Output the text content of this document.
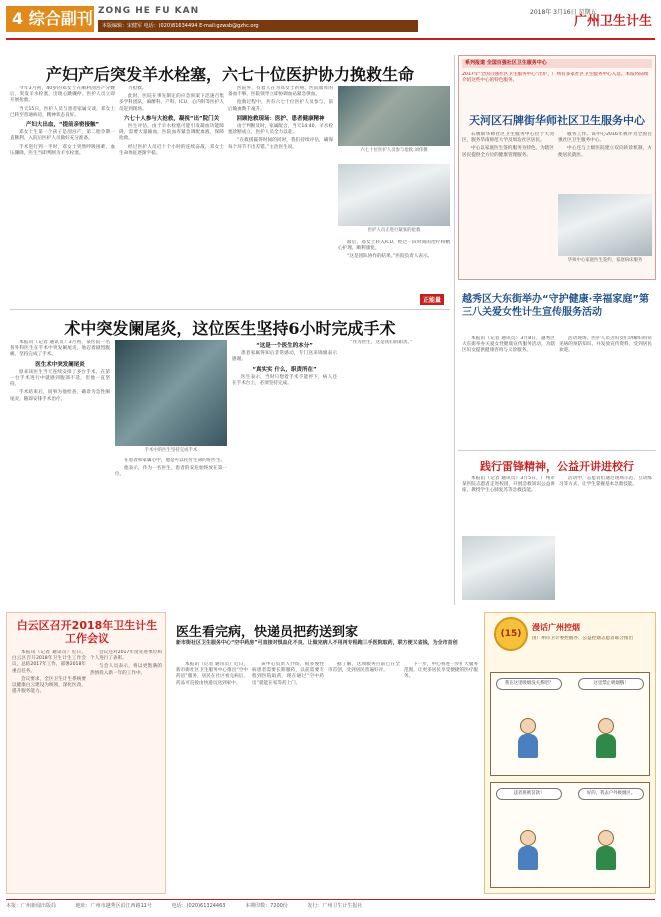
4 综合副刊 ZONG HE FU KAN
本版编辑：宋健军 电话：(020)81634494 E-mail:gzwsb@gzhc.org
2018年 3月16日 星期五
广州卫生计生
产妇产后突发羊水栓塞，六七十位医护协力挽救生命

今年3月初，40岁的邓女士在顺利剖宫产分娩后，突发羊水栓塞，出现心跳骤停。医护人员立即开展抢救。

当天15日，医护人员与患者家属交谈，邓女士已转至普通病房，精神状态良好。

产妇大出血，“提前亲密接触”

邓女士生第一个孩子是剖宫产，第二胎孕期一直顺利，入院后医护人员做好充分准备。

手术进行到一半时，邓女士突然呼吸困难，血压骤降，医生当即判断为羊水栓塞。

力抢救。

此时，医院在事先制定的应急预案下迅速召集多学科团队，麻醉科、产科、ICU、心内科等医护人员赶到现场。

六七十人参与大抢救，凝视“出”院门关

医生评估，由于羊水栓塞可能引发凝血功能障碍，需要大量输血。医院血库紧急调配血液，保障抢救。

经过医护人员近十个小时的连续奋战，邓女士生命体征逐渐平稳。

医院外，有着人在为邓女士祈祷。医院血库的备血不够，医院领导立即协调血站紧急供血。

抢救过程中，共有六七十位医护人员参与，前后输血数千毫升。

回顾抢救现场：医护、患者健康精神

由于判断及时，家属配合，当天14:40，羊水栓塞诊断成立，医护人员全力以赴。

“在救援赢得时间的同时，我们持续评估，确保每个环节不出差错。”主治医生说。

六七十位医护人员参与抢救 刘伟摄
医护人员正进行紧张的抢救

最后，邓女士转入ICU，经过一段时间的治疗和精心护理，顺利康复。

“这是团队协作的结果。”医院负责人表示。

术中突发阑尾炎，这位医生坚持6小时完成手术

本报讯（记者 通讯员）3月初，某医院一名普外科医生在手术中突发阑尾炎，他忍着剧烈腹痛，坚持完成了手术。

医生术中突发阑尾炎

原来该医生当天连续安排了多台手术，在第一台手术进行中就感到腹部不适，但他一直坚持。

手术结束后，同事为他检查，确诊为急性阑尾炎，随即安排手术治疗。

手术中的医生坚持完成手术

在患者和家属心中，他是可以托付生命的好医生。

他表示，作为一名医生，患者的安危始终放在第一位。

“这是一个医生的本分”

患者家属得知后非常感动，专门送来锦旗表示感谢。

“真实实 什么，职责所在”

医生表示，当时只想着手术不能停下，病人还在手术台上，必须坚持完成。

“作为医生，这是我们的职责。”

正能量
系列报道 全国百强社区卫生服务中心
2017年“全国百强社区卫生服务中心”出炉，广州有多家社区卫生服务中心入选。本报将陆续介绍这些中心的特色服务。
天河区石牌街华师社区卫生服务中心

石牌街华师社区卫生服务中心位于天河区，服务华南师范大学及周边社区居民。

中心以家庭医生签约服务为特色，为辖区居民提供全方位的健康管理服务。

服务工作。该中心2016年被评为全国百强社区卫生服务中心。

中心还与上级医院建立双向转诊机制，方便居民就医。

华师中心家庭医生签约，家庭病床服务
越秀区大东街举办“守护健康·幸福家庭”第三八关爱女性计生宣传服务活动

本报讯（记者 通讯员）3月8日，越秀区大东街举办关爱女性健康宣传服务活动，为辖区妇女提供健康咨询与义诊服务。

活动现场，医护人员为妇女们讲解妇科常见病的预防知识，并发放宣传资料，受到居民欢迎。

践行雷锋精神，公益开讲进校行

本报讯（记者 通讯员）3月5日，广州市某医院志愿者走进校园，开展急救知识公益讲座，教授学生心肺复苏等急救技能。

活动中，志愿者们通过现场示范、互动练习等方式，让学生掌握基本急救技能。

白云区召开2018年卫生计生工作会议

本报讯（记者 通讯员）近日，白云区召开2018年卫生计生工作会议，总结2017年工作，部署2018年重点任务。

会议要求，全区卫生计生系统要以健康白云建设为统领，深化医改，提升服务能力。

会议还对2017年度先进单位和个人进行了表彰。

与会人员表示，将以更饱满的热情投入新一年的工作中。

医生看完病，快递员把药送到家
新市街社区卫生服务中心“空中药房”可直接对惧血化不良、让做完病人不用再专程跑三手医院取药，联方便又省钱，为全市首创

本报讯（记者 通讯员）近日，新市街社区卫生服务中心推出“空中药房”服务，居民在社区看完病后，药品可直接由快递员送到家中。

该中心负责人介绍，很多慢性病患者需要长期服药，以前需要专程到医院取药，现在通过“空中药房”就能在家等药上门。

据了解，这项服务目前已在全市首创，受到居民普遍好评。

下一步，中心将进一步扩大服务范围，让更多居民享受便捷的医疗服务。

(15)
漫话广州控烟
由广州市卫计委控烟办、公益控烟志愿者联合推出
我在这里吸烟没关系吧？	这里禁止吸烟哦！
违者将被罚款！	好的，我去户外吸烟区。
本报：广州新闻出版局	地址：广州市越秀区沿江西路11号	电话：(020)61324463	本期印数：7200份	发行：广州卫生计生报社
